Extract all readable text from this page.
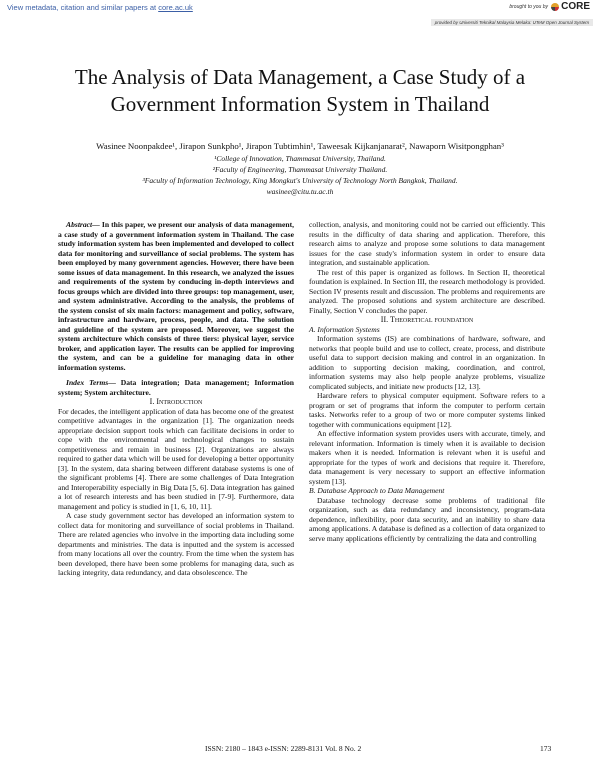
View metadata, citation and similar papers at core.ac.uk	brought to you by CORE
provided by Universiti Teknikal Malaysia Melaka: UTeM Open Journal System
The Analysis of Data Management, a Case Study of a
Government Information System in Thailand
Wasinee Noonpakdee¹, Jirapon Sunkpho¹, Jirapon Tubtimhin¹, Taweesak Kijkanjanarat², Nawaporn Wisitpongphan³
¹College of Innovation, Thammasat University, Thailand.
²Faculty of Engineering, Thammasat University Thailand.
³Faculty of Information Technology, King Mongkut's University of Technology North Bangkok, Thailand.
wasinee@citu.tu.ac.th

Abstract— In this paper, we present our analysis of data management, a case study of a government information system in Thailand. The case study information system has been implemented and developed to collect data for monitoring and surveillance of social problems. The system has been employed by many government agencies. However, there have been some issues of data management. In this research, we analyzed the issues and requirements of the system by conducing in-depth interviews and focus groups which are divided into three groups: top management, user, and system administrative. According to the analysis, the problems of the system consist of six main factors: management and policy, software, infrastructure and hardware, process, people, and data. The solution and guideline of the system are proposed. Moreover, we suggest the system architecture which consists of three tiers: physical layer, service broker, and application layer. The results can be applied for improving the system, and can be a guideline for managing data in other information systems.

Index Terms— Data integration; Data management; Information system; System architecture.

I. Introduction

For decades, the intelligent application of data has become one of the greatest competitive advantages in the organization [1]. The organization needs appropriate decision support tools which can facilitate decisions in order to cope with the environmental and technological changes to sustain competitiveness and remain in business [2]. Organizations are always required to gather data which will be used for developing a better opportunity [3]. In the system, data sharing between different database systems is one of the significant problems [4]. There are some challenges of Data Integration and Interoperability especially in Big Data [5, 6]. Data integration has gained a lot of research interests and has been studied in [7-9]. Furthermore, data management and policy is studied in [1, 6, 10, 11].

A case study government sector has developed an information system to collect data for monitoring and surveillance of social problems in Thailand. There are related agencies who involve in the importing data including some departments and ministries. The data is inputted and the system is accessed from many locations all over the country. From the time when the system has been developed, there have been some problems for managing data, such as lacking integrity, data redundancy, and data obsolescence. The

collection, analysis, and monitoring could not be carried out efficiently. This results in the difficulty of data sharing and application. Therefore, this research aims to analyze and propose some solutions to data management issues for the case study's information system in order to ensure data integration, and sustainable application.

The rest of this paper is organized as follows. In Section II, theoretical foundation is explained. In Section III, the research methodology is provided. Section IV presents result and discussion. The problems and requirements are analyzed. The proposed solutions and system architecture are described. Finally, Section V concludes the paper.

II. Theoretical foundation

A. Information Systems

Information systems (IS) are combinations of hardware, software, and networks that people build and use to collect, create, process, and distribute useful data to support decision making and control in an organization. In addition to supporting decision making, coordination, and control, information systems may also help people analyze problems, visualize complicated subjects, and initiate new products [12, 13].

Hardware refers to physical computer equipment. Software refers to a program or set of programs that inform the computer to perform certain tasks. Networks refer to a group of two or more computer systems linked together with communications equipment [12].

An effective information system provides users with accurate, timely, and relevant information. Information is timely when it is available to decision makers when it is needed. Information is relevant when it is useful and appropriate for the types of work and decisions that require it. Therefore, data management is very necessary to support an effective information system [13].

B. Database Approach to Data Management

Database technology decrease some problems of traditional file organization, such as data redundancy and inconsistency, program-data dependence, inflexibility, poor data security, and an inability to share data among applications. A database is defined as a collection of data organized to serve many applications efficiently by centralizing the data and controlling

ISSN: 2180 – 1843 e-ISSN: 2289-8131 Vol. 8 No. 2	173
